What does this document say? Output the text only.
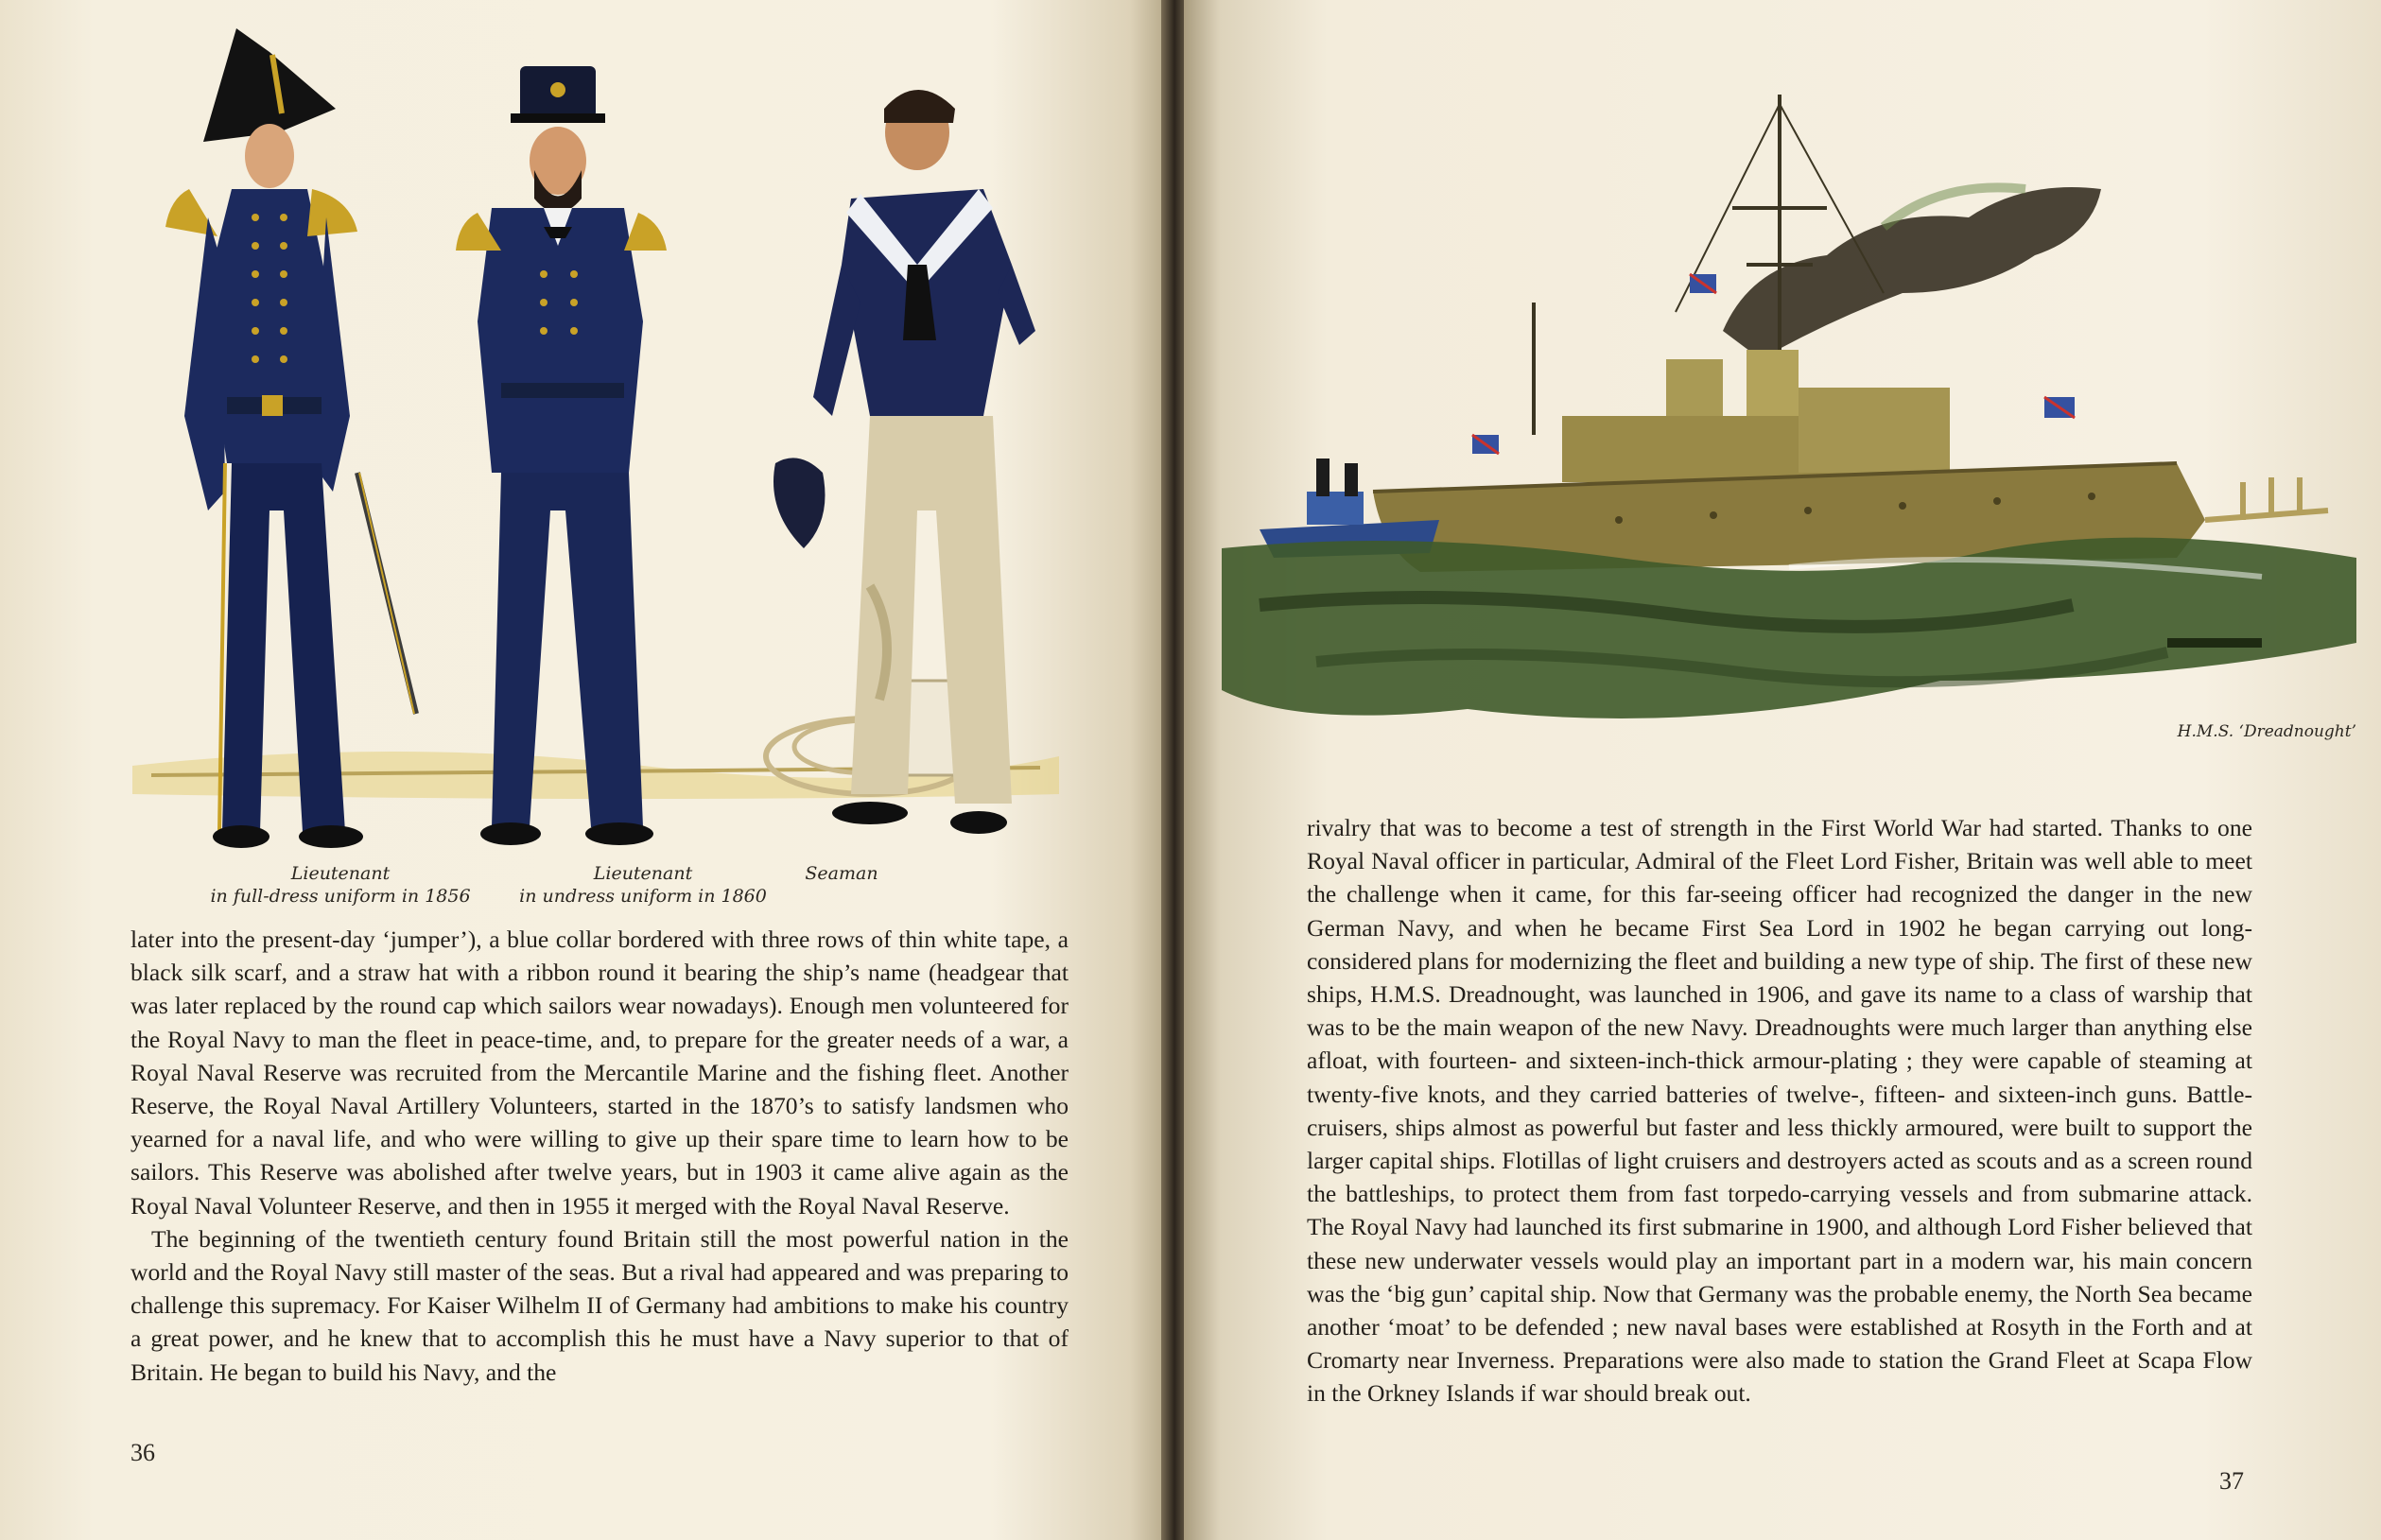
Lieutenant
in full-dress uniform in 1856
Lieutenant
in undress uniform in 1860
Seaman

later into the present-day ‘jumper’), a blue collar bordered with three rows of thin white tape, a black silk scarf, and a straw hat with a ribbon round it bearing the ship’s name (headgear that was later replaced by the round cap which sailors wear nowadays). Enough men volunteered for the Royal Navy to man the fleet in peace-time, and, to prepare for the greater needs of a war, a Royal Naval Reserve was recruited from the Mercantile Marine and the fishing fleet. Another Reserve, the Royal Naval Artillery Volunteers, started in the 1870’s to satisfy landsmen who yearned for a naval life, and who were willing to give up their spare time to learn how to be sailors. This Reserve was abolished after twelve years, but in 1903 it came alive again as the Royal Naval Volunteer Reserve, and then in 1955 it merged with the Royal Naval Reserve.

The beginning of the twentieth century found Britain still the most powerful nation in the world and the Royal Navy still master of the seas. But a rival had appeared and was preparing to challenge this supremacy. For Kaiser Wilhelm II of Germany had ambitions to make his country a great power, and he knew that to accomplish this he must have a Navy superior to that of Britain. He began to build his Navy, and the

36
H.M.S. ‘Dreadnought’

rivalry that was to become a test of strength in the First World War had started. Thanks to one Royal Naval officer in particular, Admiral of the Fleet Lord Fisher, Britain was well able to meet the challenge when it came, for this far-seeing officer had recognized the danger in the new German Navy, and when he became First Sea Lord in 1902 he began carrying out long-considered plans for modernizing the fleet and building a new type of ship. The first of these new ships, H.M.S. Dreadnought, was launched in 1906, and gave its name to a class of warship that was to be the main weapon of the new Navy. Dreadnoughts were much larger than anything else afloat, with fourteen- and sixteen-inch-thick armour-plating ; they were capable of steaming at twenty-five knots, and they carried batteries of twelve-, fifteen- and sixteen-inch guns. Battle-cruisers, ships almost as powerful but faster and less thickly armoured, were built to support the larger capital ships. Flotillas of light cruisers and destroyers acted as scouts and as a screen round the battleships, to protect them from fast torpedo-carrying vessels and from submarine attack. The Royal Navy had launched its first submarine in 1900, and although Lord Fisher believed that these new underwater vessels would play an important part in a modern war, his main concern was the ‘big gun’ capital ship. Now that Germany was the probable enemy, the North Sea became another ‘moat’ to be defended ; new naval bases were established at Rosyth in the Forth and at Cromarty near Inverness. Preparations were also made to station the Grand Fleet at Scapa Flow in the Orkney Islands if war should break out.

37
